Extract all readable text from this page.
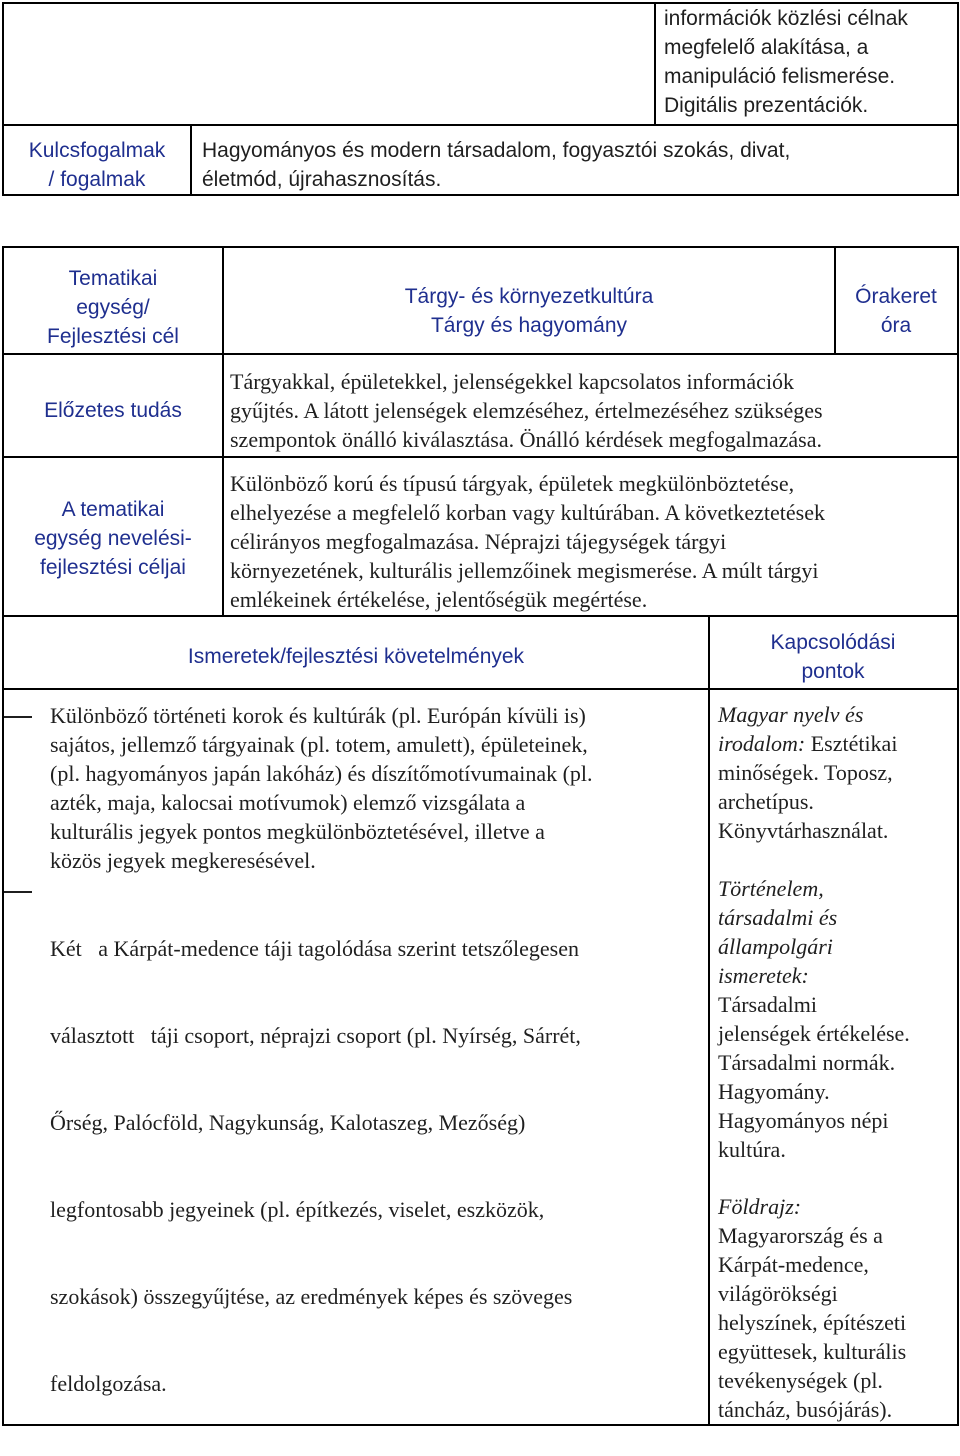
információk közlési célnak
megfelelő alakítása, a
manipuláció felismerése.
Digitális prezentációk.
Kulcsfogalmak
/ fogalmak
Hagyományos és modern társadalom, fogyasztói szokás, divat,
életmód, újrahasznosítás.
Tematikai
egység/
Fejlesztési cél
Tárgy- és környezetkultúra
Tárgy és hagyomány
Órakeret
óra
Előzetes tudás
Tárgyakkal, épületekkel, jelenségekkel kapcsolatos információk
gyűjtés. A látott jelenségek elemzéséhez, értelmezéséhez szükséges
szempontok önálló kiválasztása. Önálló kérdések megfogalmazása.
A tematikai
egység nevelési-
fejlesztési céljai
Különböző korú és típusú tárgyak, épületek megkülönböztetése,
elhelyezése a megfelelő korban vagy kultúrában. A következtetések
célirányos megfogalmazása. Néprajzi tájegységek tárgyi
környezetének, kulturális jellemzőinek megismerése. A múlt tárgyi
emlékeinek értékelése, jelentőségük megértése.
Ismeretek/fejlesztési követelmények
Kapcsolódási
pontok
Különböző történeti korok és kultúrák (pl. Európán kívüli is)
sajátos, jellemző tárgyainak (pl. totem, amulett), épületeinek,
(pl. hagyományos japán lakóház) és díszítőmotívumainak (pl.
azték, maja, kalocsai motívumok) elemző vizsgálata a
kulturális jegyek pontos megkülönböztetésével, illetve a
közös jegyek megkeresésével.

Két   a Kárpát-medence táji tagolódása szerint tetszőlegesen

választott   táji csoport, néprajzi csoport (pl. Nyírség, Sárrét,

Őrség, Palócföld, Nagykunság, Kalotaszeg, Mezőség)

legfontosabb jegyeinek (pl. építkezés, viselet, eszközök,

szokások) összegyűjtése, az eredmények képes és szöveges

feldolgozása.

Magyar nyelv és
irodalom: Esztétikai
minőségek. Toposz,
archetípus.
Könyvtárhasználat.
Történelem,
társadalmi és
állampolgári
ismeretek:
Társadalmi
jelenségek értékelése.
Társadalmi normák.
Hagyomány.
Hagyományos népi
kultúra.
Földrajz:
Magyarország és a
Kárpát-medence,
világörökségi
helyszínek, építészeti
együttesek, kulturális
tevékenységek (pl.
táncház, busójárás).
